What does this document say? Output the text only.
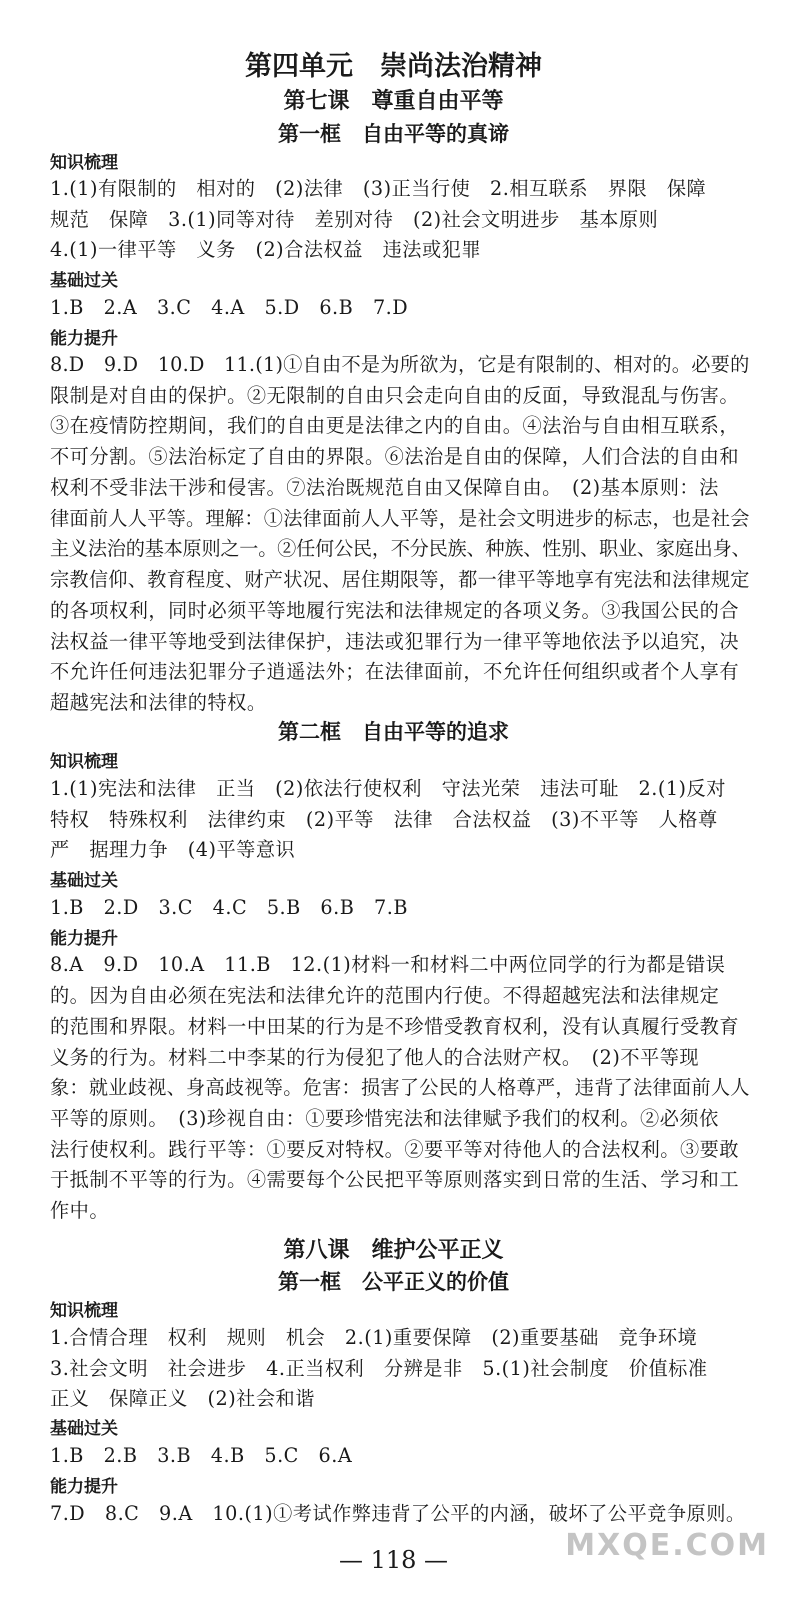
第四单元　崇尚法治精神
第七课　尊重自由平等
第一框　自由平等的真谛
知识梳理
1.(1)有限制的　相对的　(2)法律　(3)正当行使　2.相互联系　界限　保障
规范　保障　3.(1)同等对待　差别对待　(2)社会文明进步　基本原则
4.(1)一律平等　义务　(2)合法权益　违法或犯罪
基础过关
1.B　2.A　3.C　4.A　5.D　6.B　7.D
能力提升
8.D　9.D　10.D　11.(1)①自由不是为所欲为，它是有限制的、相对的。必要的
限制是对自由的保护。②无限制的自由只会走向自由的反面，导致混乱与伤害。
③在疫情防控期间，我们的自由更是法律之内的自由。④法治与自由相互联系，
不可分割。⑤法治标定了自由的界限。⑥法治是自由的保障，人们合法的自由和
权利不受非法干涉和侵害。⑦法治既规范自由又保障自由。　(2)基本原则：法
律面前人人平等。理解：①法律面前人人平等，是社会文明进步的标志，也是社会
主义法治的基本原则之一。②任何公民，不分民族、种族、性别、职业、家庭出身、
宗教信仰、教育程度、财产状况、居住期限等，都一律平等地享有宪法和法律规定
的各项权利，同时必须平等地履行宪法和法律规定的各项义务。③我国公民的合
法权益一律平等地受到法律保护，违法或犯罪行为一律平等地依法予以追究，决
不允许任何违法犯罪分子逍遥法外；在法律面前，不允许任何组织或者个人享有
超越宪法和法律的特权。
第二框　自由平等的追求
知识梳理
1.(1)宪法和法律　正当　(2)依法行使权利　守法光荣　违法可耻　2.(1)反对
特权　特殊权利　法律约束　(2)平等　法律　合法权益　(3)不平等　人格尊
严　据理力争　(4)平等意识
基础过关
1.B　2.D　3.C　4.C　5.B　6.B　7.B
能力提升
8.A　9.D　10.A　11.B　12.(1)材料一和材料二中两位同学的行为都是错误
的。因为自由必须在宪法和法律允许的范围内行使。不得超越宪法和法律规定
的范围和界限。材料一中田某的行为是不珍惜受教育权利，没有认真履行受教育
义务的行为。材料二中李某的行为侵犯了他人的合法财产权。　(2)不平等现
象：就业歧视、身高歧视等。危害：损害了公民的人格尊严，违背了法律面前人人
平等的原则。　(3)珍视自由：①要珍惜宪法和法律赋予我们的权利。②必须依
法行使权利。践行平等：①要反对特权。②要平等对待他人的合法权利。③要敢
于抵制不平等的行为。④需要每个公民把平等原则落实到日常的生活、学习和工
作中。
第八课　维护公平正义
第一框　公平正义的价值
知识梳理
1.合情合理　权利　规则　机会　2.(1)重要保障　(2)重要基础　竞争环境
3.社会文明　社会进步　4.正当权利　分辨是非　5.(1)社会制度　价值标准
正义　保障正义　(2)社会和谐
基础过关
1.B　2.B　3.B　4.B　5.C　6.A
能力提升
7.D　8.C　9.A　10.(1)①考试作弊违背了公平的内涵，破坏了公平竞争原则。
— 118 —	MXQE.COM
